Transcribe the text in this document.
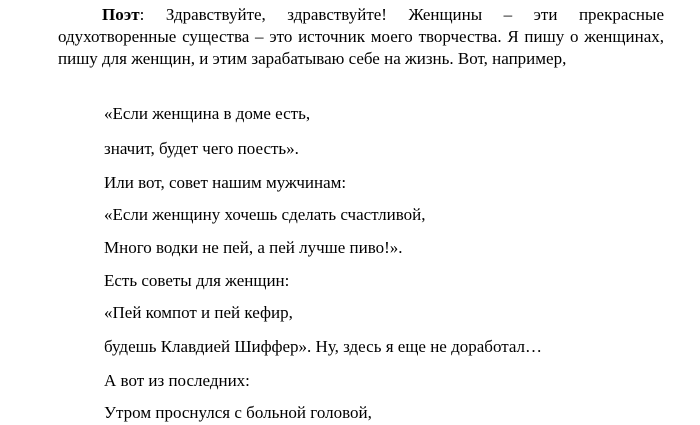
Поэт: Здравствуйте, здравствуйте! Женщины – эти прекрасные одухотворенные существа – это источник моего творчества. Я пишу о женщинах, пишу для женщин, и этим зарабатываю себе на жизнь. Вот, например,

«Если женщина в доме есть,

значит, будет чего поесть».

Или вот, совет нашим мужчинам:

«Если женщину хочешь сделать счастливой,

Много водки не пей, а пей лучше пиво!».

Есть советы для женщин:

«Пей компот и пей кефир,

будешь Клавдией Шиффер». Ну, здесь я еще не доработал…

А вот из последних:

Утром проснулся с больной головой,
